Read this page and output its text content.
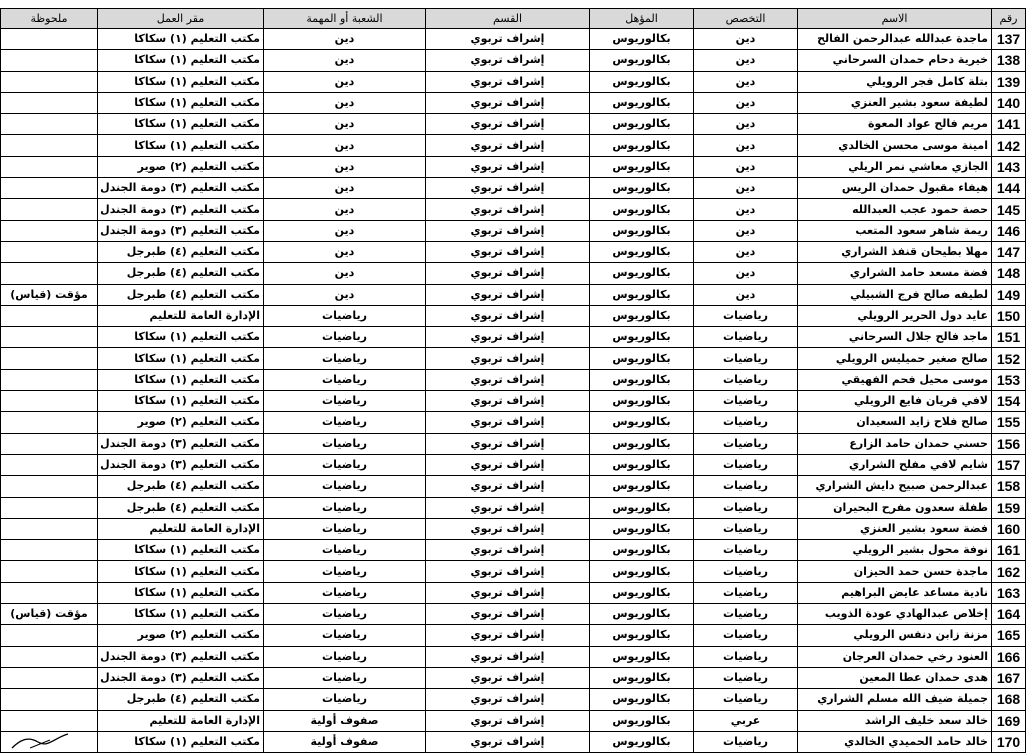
رقم	الاسم	التخصص	المؤهل	القسم	الشعبة أو المهمة	مقر العمل	ملحوظة
137	ماجدة عبدالله عبدالرحمن الفالح	دين	بكالوريوس	إشراف تربوي	دين	مكتب التعليم (١) سكاكا	
138	خيرية دحام حمدان السرحاني	دين	بكالوريوس	إشراف تربوي	دين	مكتب التعليم (١) سكاكا	
139	بتلة كامل فجر الرويلي	دين	بكالوريوس	إشراف تربوي	دين	مكتب التعليم (١) سكاكا	
140	لطيفة سعود بشير العنزي	دين	بكالوريوس	إشراف تربوي	دين	مكتب التعليم (١) سكاكا	
141	مريم فالح عواد المعوة	دين	بكالوريوس	إشراف تربوي	دين	مكتب التعليم (١) سكاكا	
142	امينة موسى محسن الخالدي	دين	بكالوريوس	إشراف تربوي	دين	مكتب التعليم (١) سكاكا	
143	الجازي معاشي نمر الريلي	دين	بكالوريوس	إشراف تربوي	دين	مكتب التعليم (٢) صوير	
144	هيفاء مقبول حمدان الريس	دين	بكالوريوس	إشراف تربوي	دين	مكتب التعليم (٣) دومة الجندل	
145	حصة حمود عجب العبدالله	دين	بكالوريوس	إشراف تربوي	دين	مكتب التعليم (٣) دومة الجندل	
146	ريمة شاهر سعود المتعب	دين	بكالوريوس	إشراف تربوي	دين	مكتب التعليم (٣) دومة الجندل	
147	مهلا بطيحان قنفذ الشراري	دين	بكالوريوس	إشراف تربوي	دين	مكتب التعليم (٤) طبرجل	
148	فضة مسعد حامد الشراري	دين	بكالوريوس	إشراف تربوي	دين	مكتب التعليم (٤) طبرجل	
149	لطيفه صالح فرج الشبيلي	دين	بكالوريوس	إشراف تربوي	دين	مكتب التعليم (٤) طبرجل	مؤقت (قياس)
150	عايد دول الحرير الرويلي	رياضيات	بكالوريوس	إشراف تربوي	رياضيات	الإدارة العامة للتعليم	
151	ماجد فالح جلال السرحاني	رياضيات	بكالوريوس	إشراف تربوي	رياضيات	مكتب التعليم (١) سكاكا	
152	صالح صغير حميليس الرويلي	رياضيات	بكالوريوس	إشراف تربوي	رياضيات	مكتب التعليم (١) سكاكا	
153	موسى محيل فحم الفهيقي	رياضيات	بكالوريوس	إشراف تربوي	رياضيات	مكتب التعليم (١) سكاكا	
154	لافي قريان فايع الرويلي	رياضيات	بكالوريوس	إشراف تربوي	رياضيات	مكتب التعليم (١) سكاكا	
155	صالح فلاح زايد السعيدان	رياضيات	بكالوريوس	إشراف تربوي	رياضيات	مكتب التعليم (٢) صوير	
156	حسني حمدان حامد الزارع	رياضيات	بكالوريوس	إشراف تربوي	رياضيات	مكتب التعليم (٣) دومة الجندل	
157	شايم لافي مفلح الشراري	رياضيات	بكالوريوس	إشراف تربوي	رياضيات	مكتب التعليم (٣) دومة الجندل	
158	عبدالرحمن صبيح دايش الشراري	رياضيات	بكالوريوس	إشراف تربوي	رياضيات	مكتب التعليم (٤) طبرجل	
159	طفلة سعدون مفرح البحيران	رياضيات	بكالوريوس	إشراف تربوي	رياضيات	مكتب التعليم (٤) طبرجل	
160	فضة سعود بشير العنزي	رياضيات	بكالوريوس	إشراف تربوي	رياضيات	الإدارة العامة للتعليم	
161	نوفة محول بشير الرويلي	رياضيات	بكالوريوس	إشراف تربوي	رياضيات	مكتب التعليم (١) سكاكا	
162	ماجدة حسن حمد الحيزان	رياضيات	بكالوريوس	إشراف تربوي	رياضيات	مكتب التعليم (١) سكاكا	
163	نادية مساعد عايض البراهيم	رياضيات	بكالوريوس	إشراف تربوي	رياضيات	مكتب التعليم (١) سكاكا	
164	إخلاص عبدالهادي عودة الذويب	رياضيات	بكالوريوس	إشراف تربوي	رياضيات	مكتب التعليم (١) سكاكا	مؤقت (قياس)
165	مزنة زابن دنفس الرويلي	رياضيات	بكالوريوس	إشراف تربوي	رياضيات	مكتب التعليم (٢) صوير	
166	العنود رخي حمدان العرجان	رياضيات	بكالوريوس	إشراف تربوي	رياضيات	مكتب التعليم (٣) دومة الجندل	
167	هدى حمدان عطا المعين	رياضيات	بكالوريوس	إشراف تربوي	رياضيات	مكتب التعليم (٣) دومة الجندل	
168	جميلة ضيف الله مسلم الشراري	رياضيات	بكالوريوس	إشراف تربوي	رياضيات	مكتب التعليم (٤) طبرجل	
169	خالد سعد خليف الراشد	عربي	بكالوريوس	إشراف تربوي	صفوف أولية	الإدارة العامة للتعليم	
170	خالد حامد الحميدي الخالدي	رياضيات	بكالوريوس	إشراف تربوي	صفوف أولية	مكتب التعليم (١) سكاكا	
